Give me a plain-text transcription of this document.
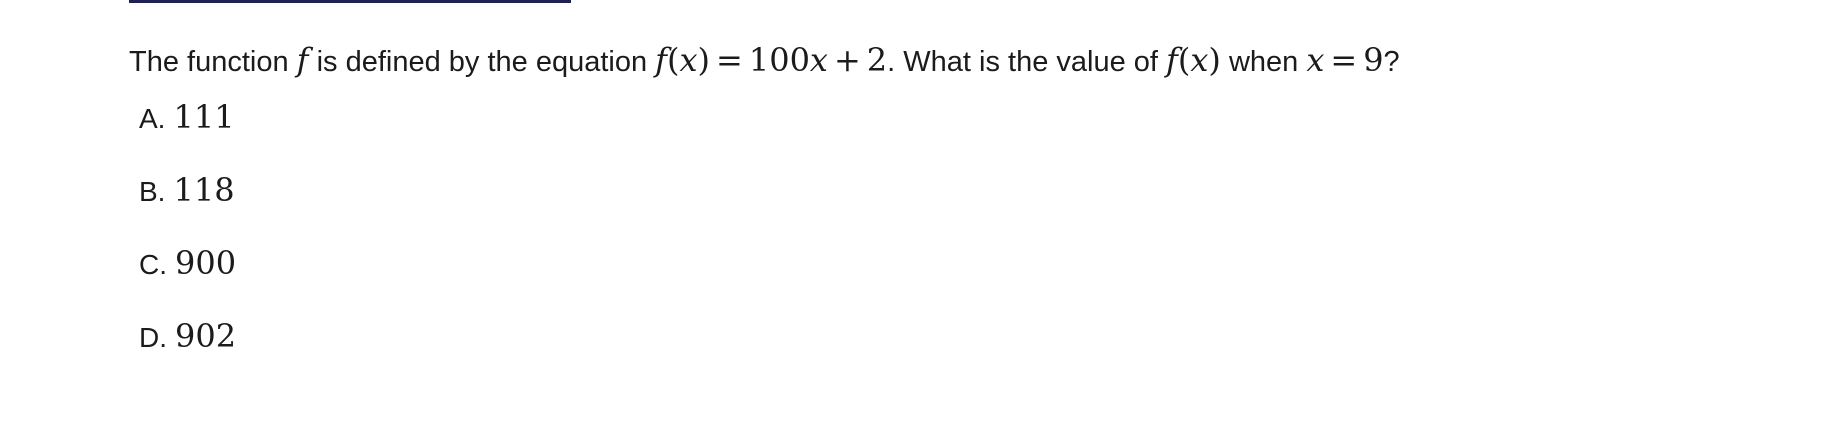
The function f is defined by the equation f(x) = 100x + 2. What is the value of f(x) when x = 9?
A. 111
B. 118
C. 900
D. 902
